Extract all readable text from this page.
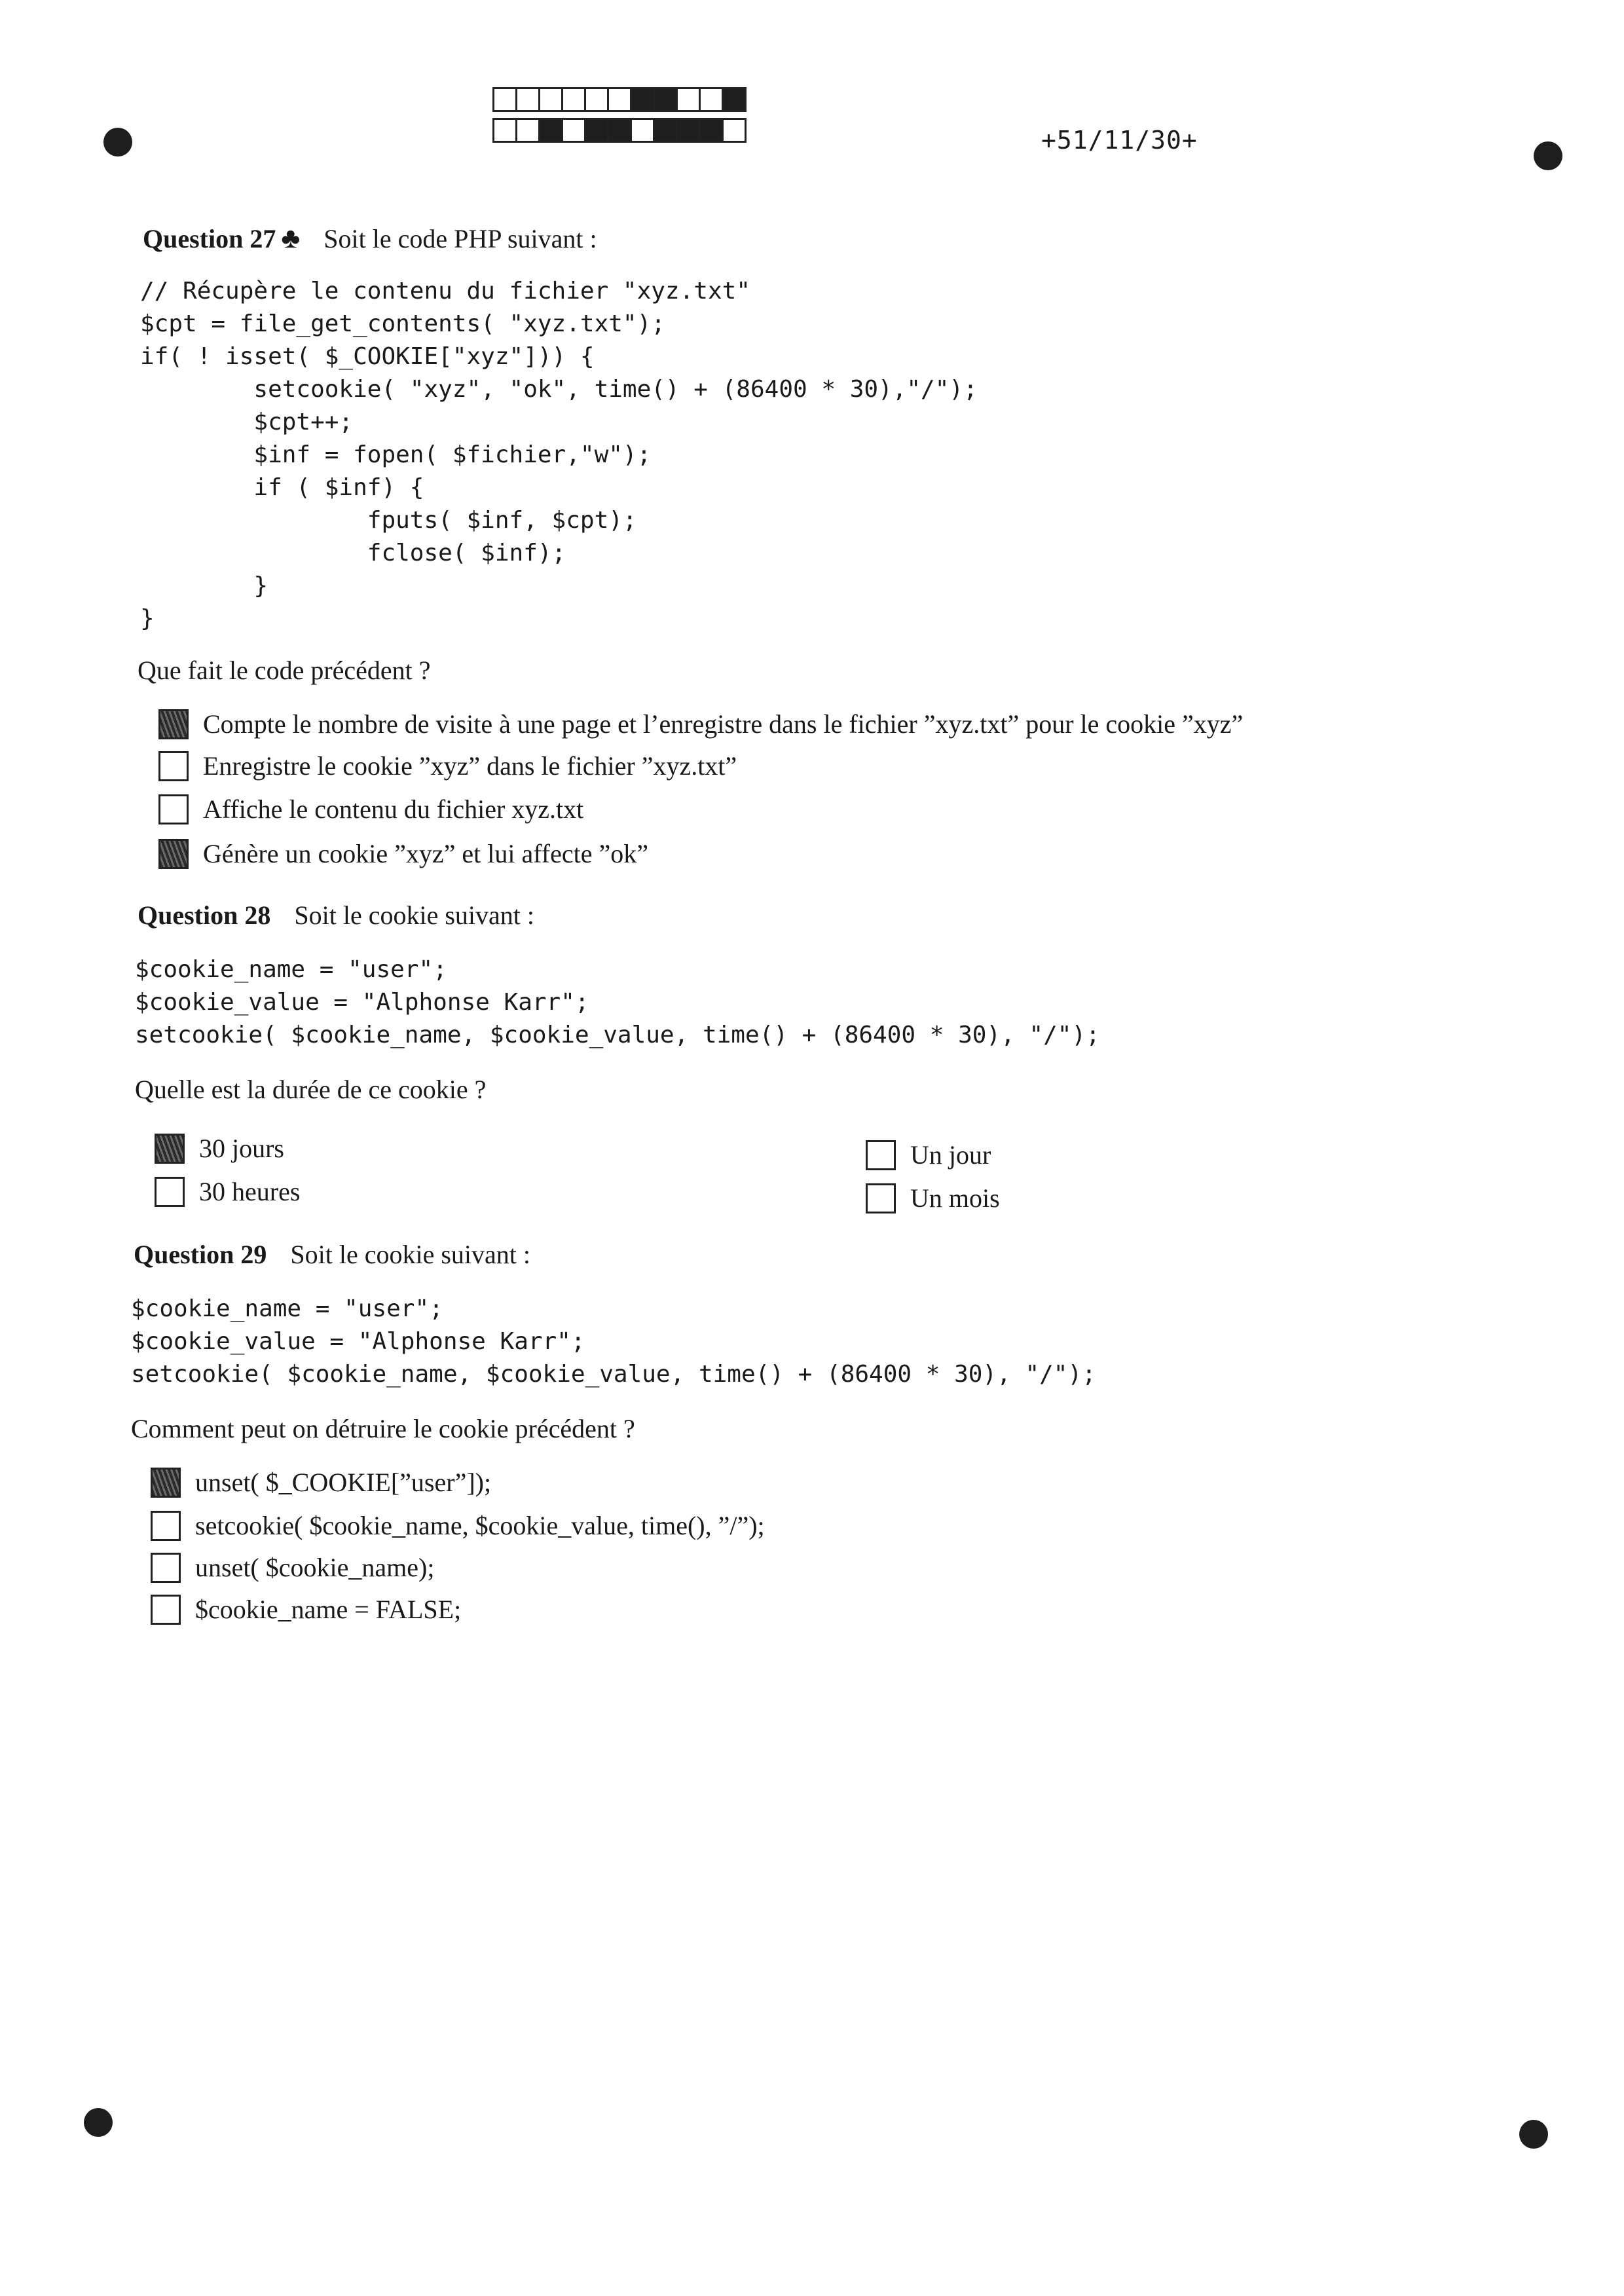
+51/11/30+
Question 27 ♣ Soit le code PHP suivant :
// Récupère le contenu du fichier "xyz.txt"
$cpt = file_get_contents( "xyz.txt");
if( ! isset( $_COOKIE["xyz"])) {
setcookie( "xyz", "ok", time() + (86400 * 30),"/");
$cpt++;
$inf = fopen( $fichier,"w");
if ( $inf) {
fputs( $inf, $cpt);
fclose( $inf);
}
}
Que fait le code précédent ?
Compte le nombre de visite à une page et l’enregistre dans le fichier ”xyz.txt” pour le cookie ”xyz”
Enregistre le cookie ”xyz” dans le fichier ”xyz.txt”
Affiche le contenu du fichier xyz.txt
Génère un cookie ”xyz” et lui affecte ”ok”
Question 28 Soit le cookie suivant :
$cookie_name = "user";
$cookie_value = "Alphonse Karr";
setcookie( $cookie_name, $cookie_value, time() + (86400 * 30), "/");
Quelle est la durée de ce cookie ?
30 jours
30 heures
Un jour
Un mois
Question 29 Soit le cookie suivant :
$cookie_name = "user";
$cookie_value = "Alphonse Karr";
setcookie( $cookie_name, $cookie_value, time() + (86400 * 30), "/");
Comment peut on détruire le cookie précédent ?
unset( $_COOKIE[”user”]);
setcookie( $cookie_name, $cookie_value, time(), ”/”);
unset( $cookie_name);
$cookie_name = FALSE;
